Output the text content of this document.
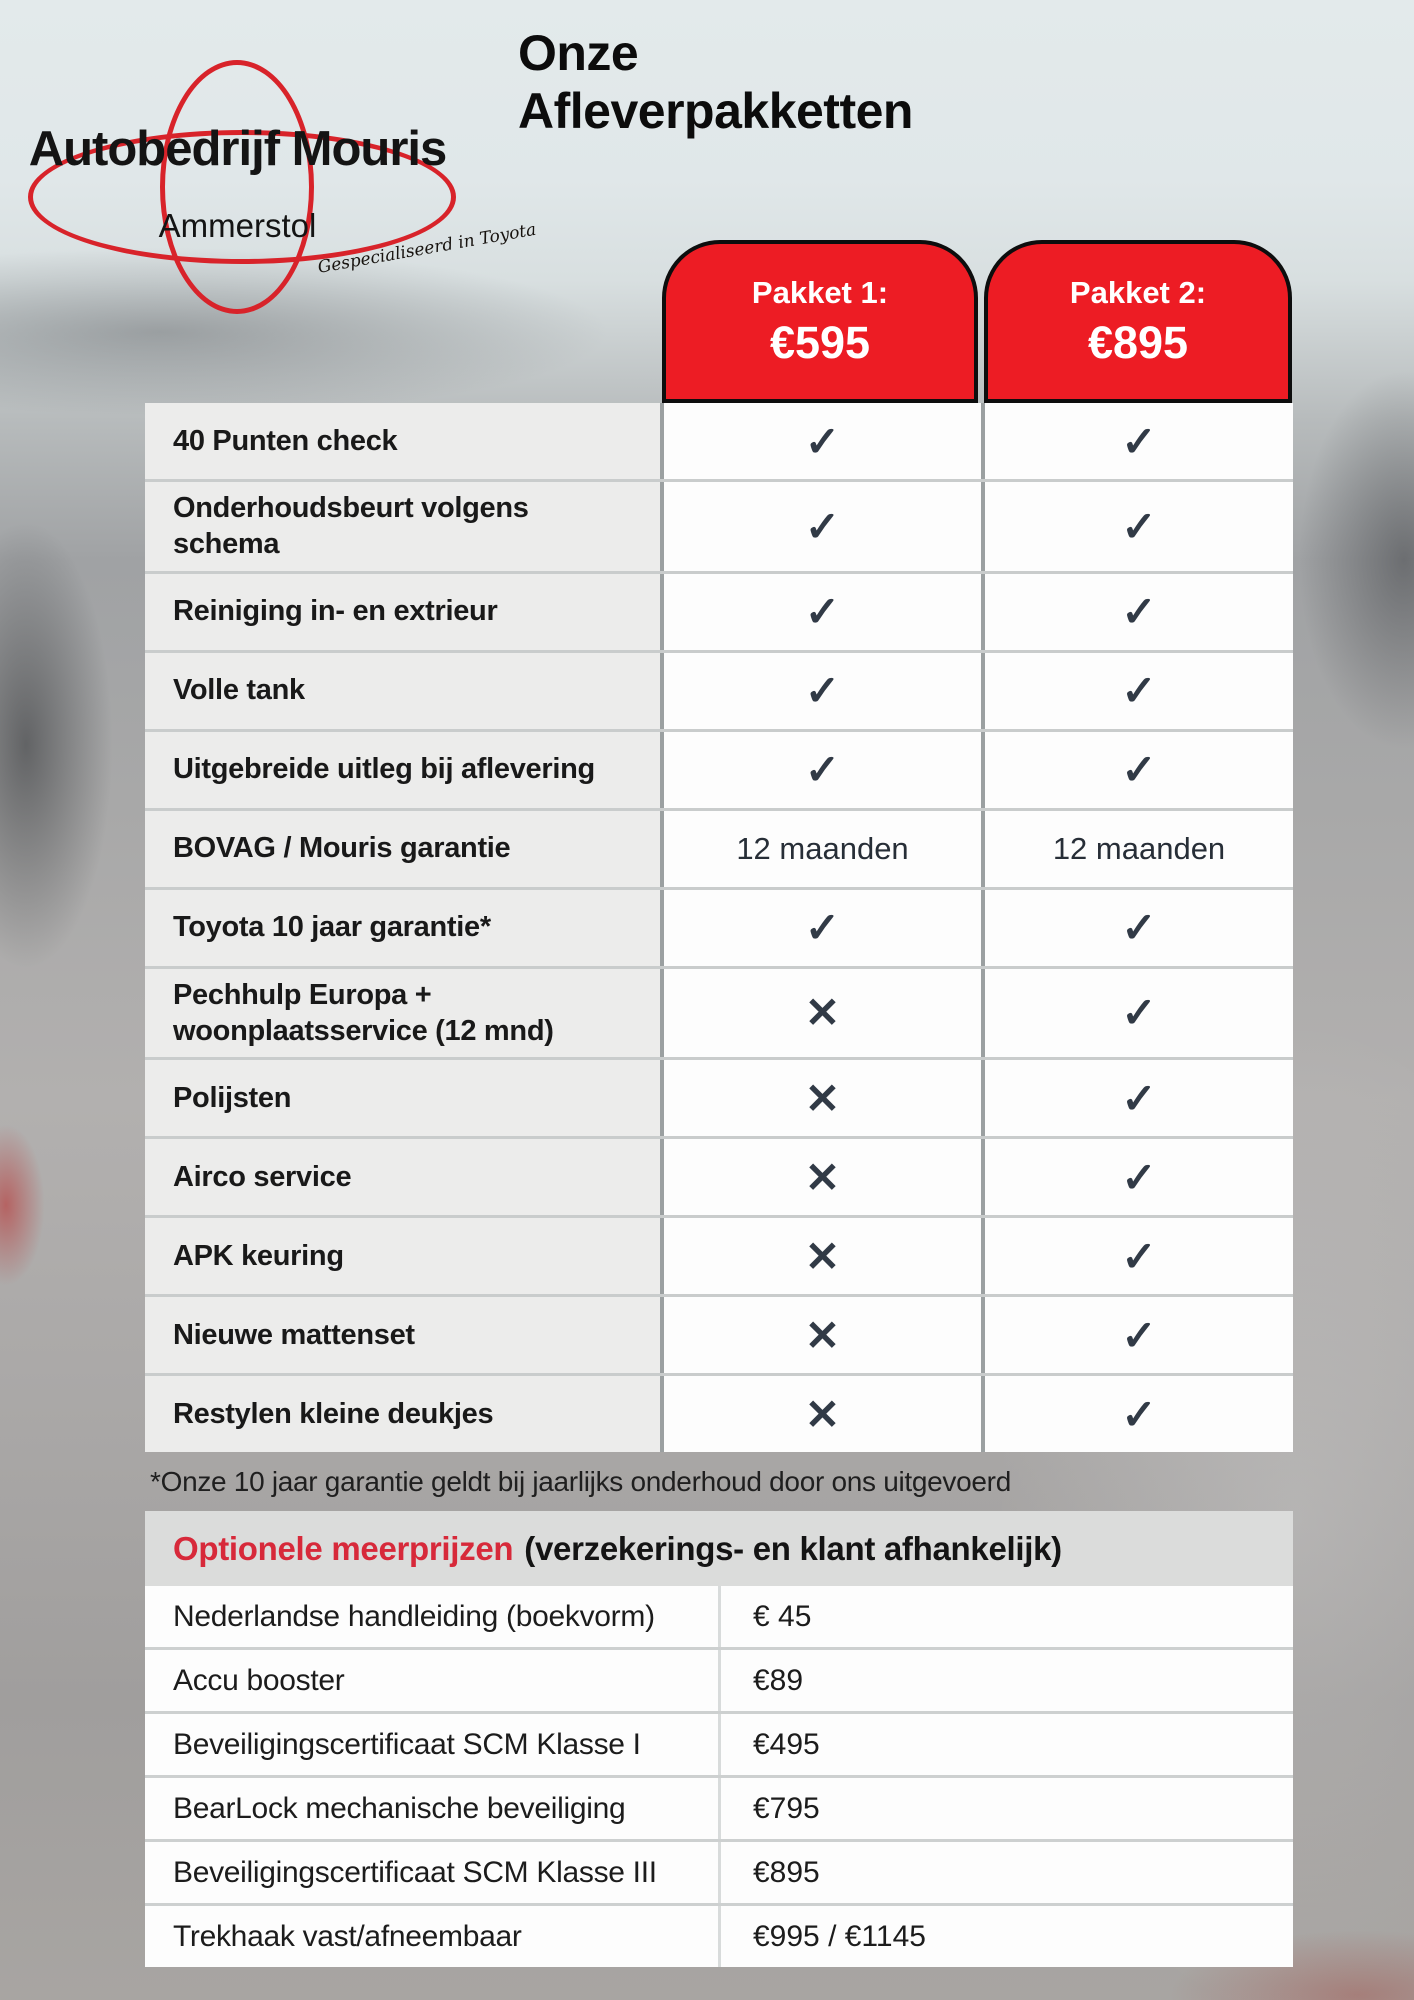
Autobedrijf Mouris
Ammerstol Gespecialiseerd in Toyota
Onze
Afleverpakketten
Pakket 1:
€595
Pakket 2:
€895
40 Punten check	✓	✓
Onderhoudsbeurt volgens schema	✓	✓
Reiniging in- en extrieur	✓	✓
Volle tank	✓	✓
Uitgebreide uitleg bij aflevering	✓	✓
BOVAG / Mouris garantie	12 maanden	12 maanden
Toyota 10 jaar garantie*	✓	✓
Pechhulp Europa + woonplaatsservice (12 mnd)	✕	✓
Polijsten	✕	✓
Airco service	✕	✓
APK keuring	✕	✓
Nieuwe mattenset	✕	✓
Restylen kleine deukjes	✕	✓
*Onze 10 jaar garantie geldt bij jaarlijks onderhoud door ons uitgevoerd
Optionele meerprijzen (verzekerings- en klant afhankelijk)
Nederlandse handleiding (boekvorm)	€ 45
Accu booster	€89
Beveiligingscertificaat SCM Klasse I	€495
BearLock mechanische beveiliging	€795
Beveiligingscertificaat SCM Klasse III	€895
Trekhaak vast/afneembaar	€995 / €1145
